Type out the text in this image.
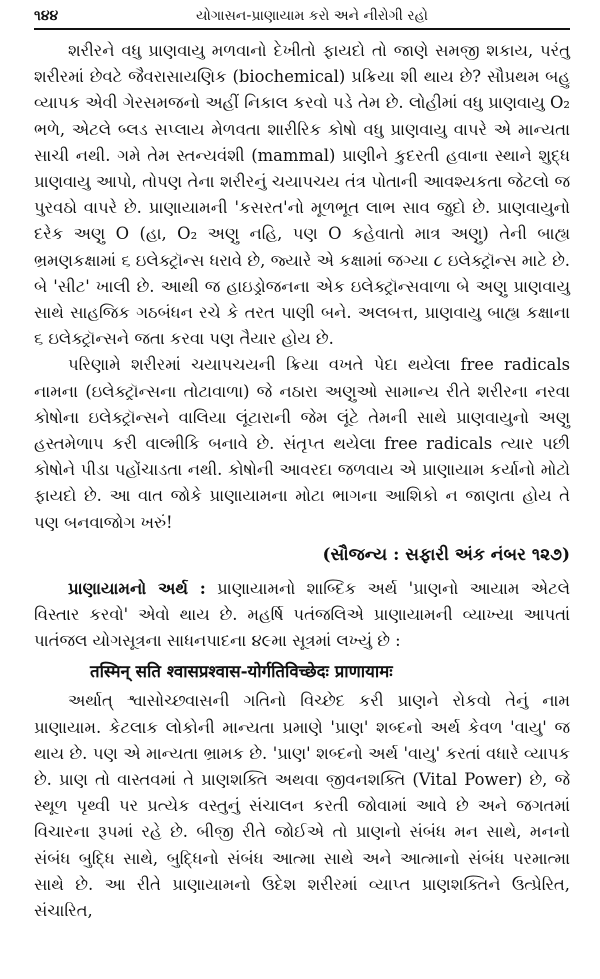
૧૪૪	યોગાસન-પ્રાણાયામ કરો અને નીરોગી રહો

શરીરને વધુ પ્રાણવાયુ મળવાનો દેખીતો ફાયદો તો જાણે સમજી શકાય, પરંતુ શરીરમાં છેવટે જૈવરાસાયણિક (biochemical) પ્રક્રિયા શી થાય છે? સૌપ્રથમ બહુ વ્યાપક એવી ગેરસમજનો અહીં નિકાલ કરવો પડે તેમ છે. લોહીમાં વધુ પ્રાણવાયુ O₂ ભળે, એટલે બ્લડ સપ્લાય મેળવતા શારીરિક કોષો વધુ પ્રાણવાયુ વાપરે એ માન્યતા સાચી નથી. ગમે તેમ સ્તન્યવંશી (mammal) પ્રાણીને કુદરતી હવાના સ્થાને શુદ્ધ પ્રાણવાયુ આપો, તોપણ તેના શરીરનું ચયાપચય તંત્ર પોતાની આવશ્યકતા જેટલો જ પુરવઠો વાપરે છે. પ્રાણાયામની 'કસરત'નો મૂળભૂત લાભ સાવ જુદો છે. પ્રાણવાયુનો દરેક અણુ O (હા, O₂ અણુ નહિ, પણ O કહેવાતો માત્ર અણુ) તેની બાહ્ય ભ્રમણકક્ષામાં ૬ ઇલેક્ટ્રૉન્સ ધરાવે છે, જ્યારે એ કક્ષામાં જગ્યા ૮ ઇલેક્ટ્રૉન્સ માટે છે. બે 'સીટ' ખાલી છે. આથી જ હાઇડ્રોજનના એક ઇલેક્ટ્રૉન્સવાળા બે અણુ પ્રાણવાયુ સાથે સાહજિક ગઠબંધન રચે કે તરત પાણી બને. અલબત્ત, પ્રાણવાયુ બાહ્ય કક્ષાના ૬ ઇલેક્ટ્રૉન્સને જતા કરવા પણ તૈયાર હોય છે.

પરિણામે શરીરમાં ચયાપચયની ક્રિયા વખતે પેદા થયેલા free radicals નામના (ઇલેક્ટ્રૉન્સના તોટાવાળા) જે નઠારા અણુઓ સામાન્ય રીતે શરીરના નરવા કોષોના ઇલેક્ટ્રૉન્સને વાલિયા લૂંટારાની જેમ લૂંટે તેમની સાથે પ્રાણવાયુનો અણુ હસ્તમેળાપ કરી વાલ્મીકિ બનાવે છે. સંતૃપ્ત થયેલા free radicals ત્યાર પછી કોષોને પીડા પહોંચાડતા નથી. કોષોની આવરદા જળવાય એ પ્રાણાયામ કર્યાનો મોટો ફાયદો છે. આ વાત જોકે પ્રાણાયામના મોટા ભાગના આશિકો ન જાણતા હોય તે પણ બનવાજોગ ખરું!

(સૌજન્ય : સફારી અંક નંબર ૧૨૭)

પ્રાણાયામનો અર્થ : પ્રાણાયામનો શાબ્દિક અર્થ 'પ્રાણનો આયામ એટલે વિસ્તાર કરવો' એવો થાય છે. મહર્ષિ પતંજલિએ પ્રાણાયામની વ્યાખ્યા આપતાં પાતંજલ યોગસૂત્રના સાધનપાદના ૪૯મા સૂત્રમાં લખ્યું છે :

तस्मिन् सति श्वासप्रश्वास-योर्गतिविच्छेदः प्राणायामः

અર્થાત્ શ્વાસોચ્છ્વાસની ગતિનો વિચ્છેદ કરી પ્રાણને રોકવો તેનું નામ પ્રાણાયામ. કેટલાક લોકોની માન્યતા પ્રમાણે 'પ્રાણ' શબ્દનો અર્થ કેવળ 'વાયુ' જ થાય છે. પણ એ માન્યતા ભ્રામક છે. 'પ્રાણ' શબ્દનો અર્થ 'વાયુ' કરતાં વધારે વ્યાપક છે. પ્રાણ તો વાસ્તવમાં તે પ્રાણશક્તિ અથવા જીવનશક્તિ (Vital Power) છે, જે સ્થૂળ પૃથ્વી પર પ્રત્યેક વસ્તુનું સંચાલન કરતી જોવામાં આવે છે અને જગતમાં વિચારના રૂપમાં રહે છે. બીજી રીતે જોઈએ તો પ્રાણનો સંબંધ મન સાથે, મનનો સંબંધ બુદ્ધિ સાથે, બુદ્ધિનો સંબંધ આત્મા સાથે અને આત્માનો સંબંધ પરમાત્મા સાથે છે. આ રીતે પ્રાણાયામનો ઉદેશ શરીરમાં વ્યાપ્ત પ્રાણશક્તિને ઉત્પ્રેરિત, સંચારિત,
